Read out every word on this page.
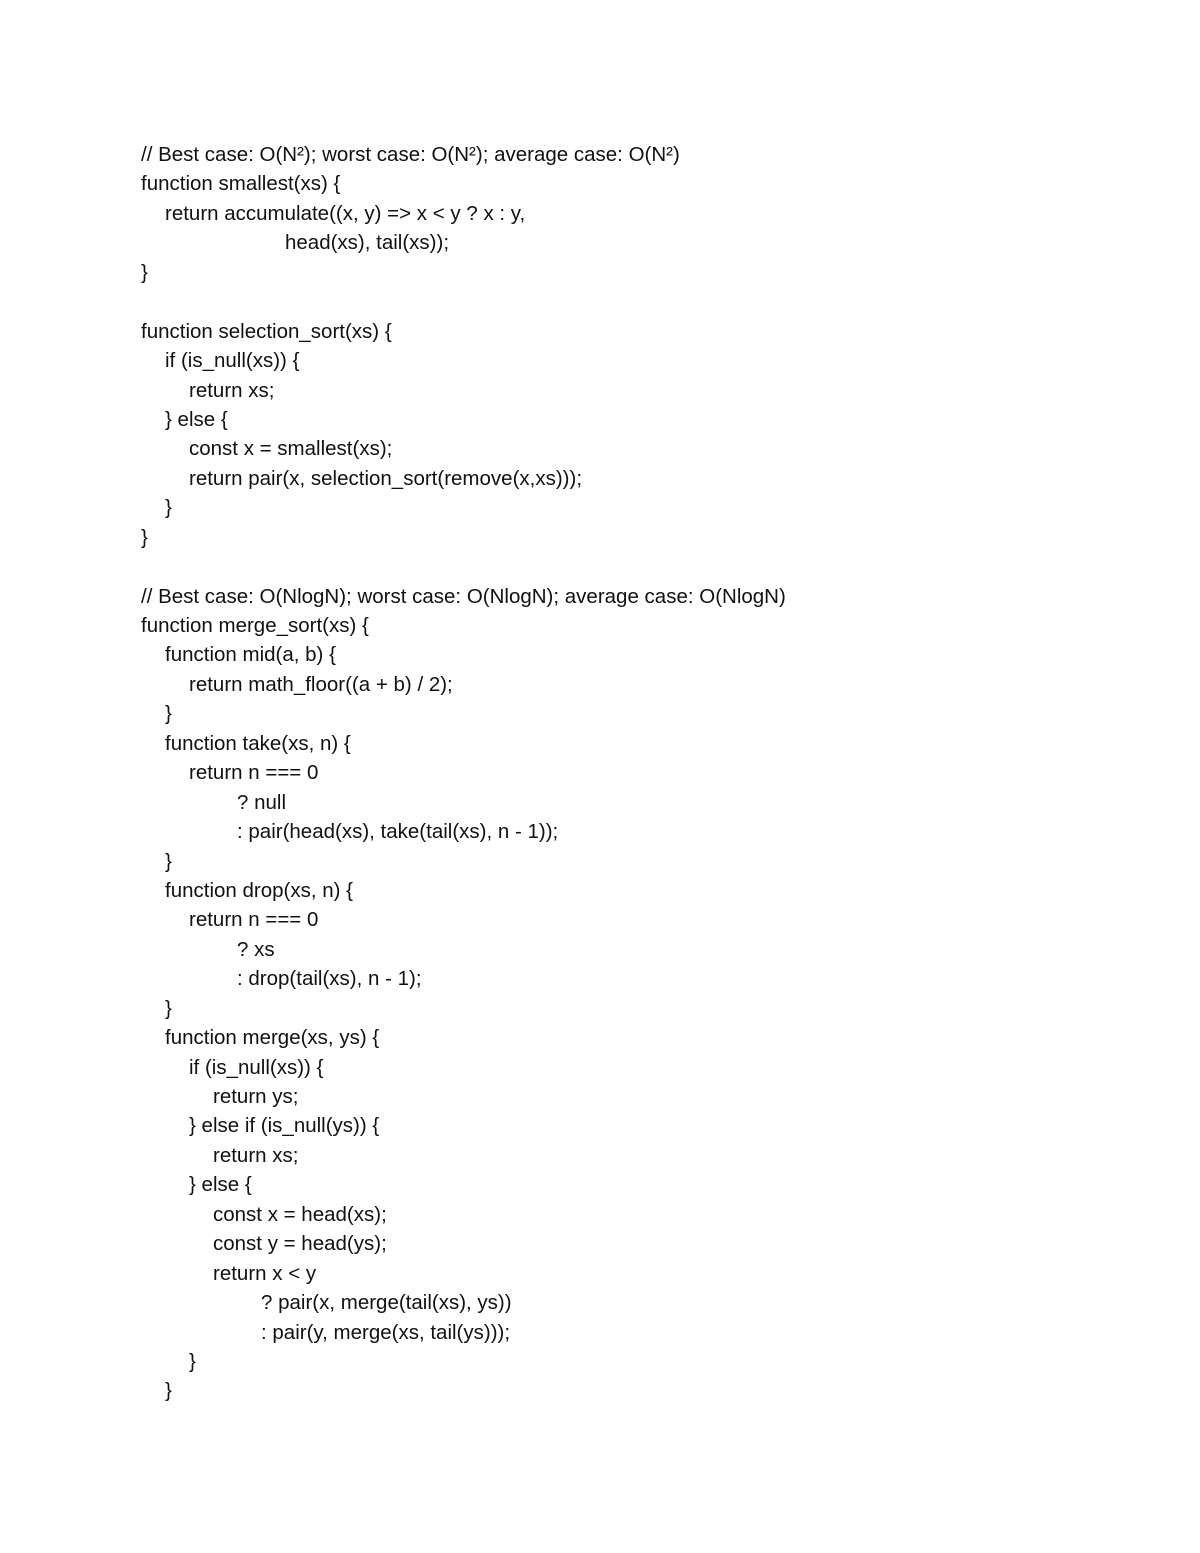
// Best case: O(N²); worst case: O(N²); average case: O(N²)
function smallest(xs) {
return accumulate((x, y) => x < y ? x : y,
head(xs), tail(xs));
}
function selection_sort(xs) {
if (is_null(xs)) {
return xs;
} else {
const x = smallest(xs);
return pair(x, selection_sort(remove(x,xs)));
}
}
// Best case: O(NlogN); worst case: O(NlogN); average case: O(NlogN)
function merge_sort(xs) {
function mid(a, b) {
return math_floor((a + b) / 2);
}
function take(xs, n) {
return n === 0
? null
: pair(head(xs), take(tail(xs), n - 1));
}
function drop(xs, n) {
return n === 0
? xs
: drop(tail(xs), n - 1);
}
function merge(xs, ys) {
if (is_null(xs)) {
return ys;
} else if (is_null(ys)) {
return xs;
} else {
const x = head(xs);
const y = head(ys);
return x < y
? pair(x, merge(tail(xs), ys))
: pair(y, merge(xs, tail(ys)));
}
}
